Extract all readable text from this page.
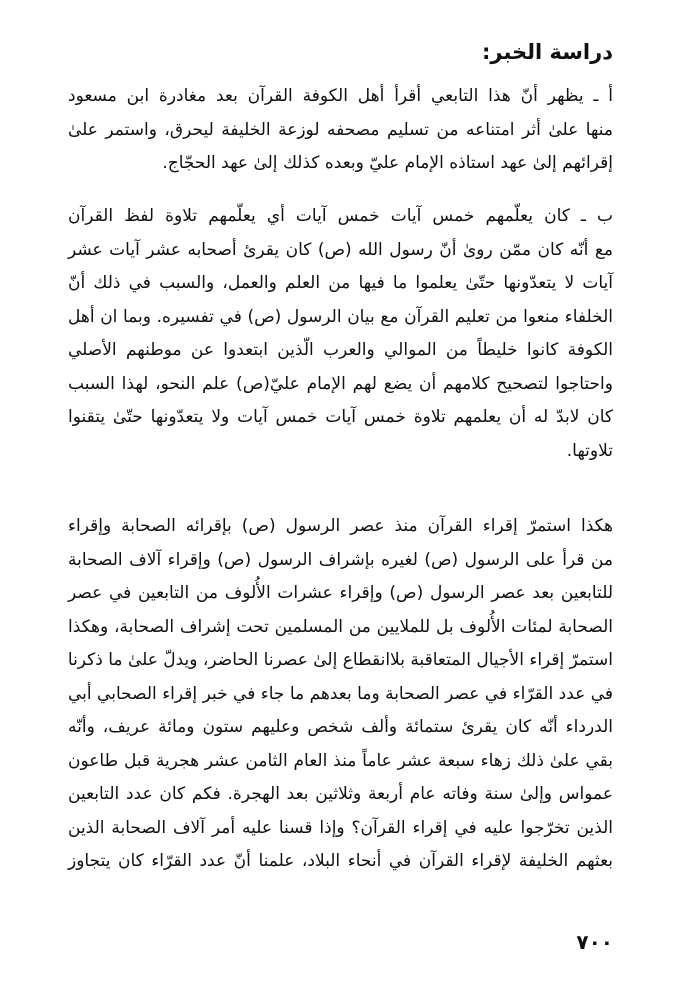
دراسة الخبر:
أ ـ يظهر أنّ هذا التابعي أقرأ أهل الكوفة القرآن بعد مغادرة ابن مسعود
منها علىٰ أثر امتناعه من تسليم مصحفه لوزعة الخليفة ليحرق، واستمر علىٰ
إقرائهم إلىٰ عهد استاذه الإمام عليّ وبعده كذلك إلىٰ عهد الحجّاج.
ب ـ كان يعلّمهم خمس آيات خمس آيات أي يعلّمهم تلاوة لفظ القرآن
مع أنّه كان ممّن روىٰ أنّ رسول الله (ص) كان يقرئ أصحابه عشر آيات عشر
آيات لا يتعدّونها حتّىٰ يعلموا ما فيها من العلم والعمل، والسبب في ذلك أنّ
الخلفاء منعوا من تعليم القرآن مع بيان الرسول (ص) في تفسيره. وبما ان أهل
الكوفة كانوا خليطاً من الموالي والعرب الّذين ابتعدوا عن موطنهم الأصلي
واحتاجوا لتصحيح كلامهم أن يضع لهم الإمام عليّ(ص) علم النحو، لهذا السبب
كان لابدّ له أن يعلمهم تلاوة خمس آيات خمس آيات ولا يتعدّونها حتّىٰ يتقنوا
تلاوتها.
هكذا استمرّ إقراء القرآن منذ عصر الرسول (ص) بإقرائه الصحابة وإقراء
من قرأ على الرسول (ص) لغيره بإشراف الرسول (ص) وإقراء آلاف الصحابة
للتابعين بعد عصر الرسول (ص) وإقراء عشرات الأُلوف من التابعين في عصر
الصحابة لمئات الأُلوف بل للملايين من المسلمين تحت إشراف الصحابة، وهكذا
استمرّ إقراء الأجيال المتعاقبة بلاانقطاع إلىٰ عصرنا الحاضر، ويدلّ علىٰ ما ذكرنا
في عدد القرّاء في عصر الصحابة وما بعدهم ما جاء في خبر إقراء الصحابي أبي
الدرداء أنّه كان يقرئ ستمائة وألف شخص وعليهم ستون ومائة عريف، وأنّه
بقي علىٰ ذلك زهاء سبعة عشر عاماً منذ العام الثامن عشر هجرية قبل طاعون
عمواس وإلىٰ سنة وفاته عام أربعة وثلاثين بعد الهجرة. فكم كان عدد التابعين
الذين تخرّجوا عليه في إقراء القرآن؟ وإذا قسنا عليه أمر آلاف الصحابة الذين
بعثهم الخليفة لإقراء القرآن في أنحاء البلاد، علمنا أنّ عدد القرّاء كان يتجاوز
٧٠٠
